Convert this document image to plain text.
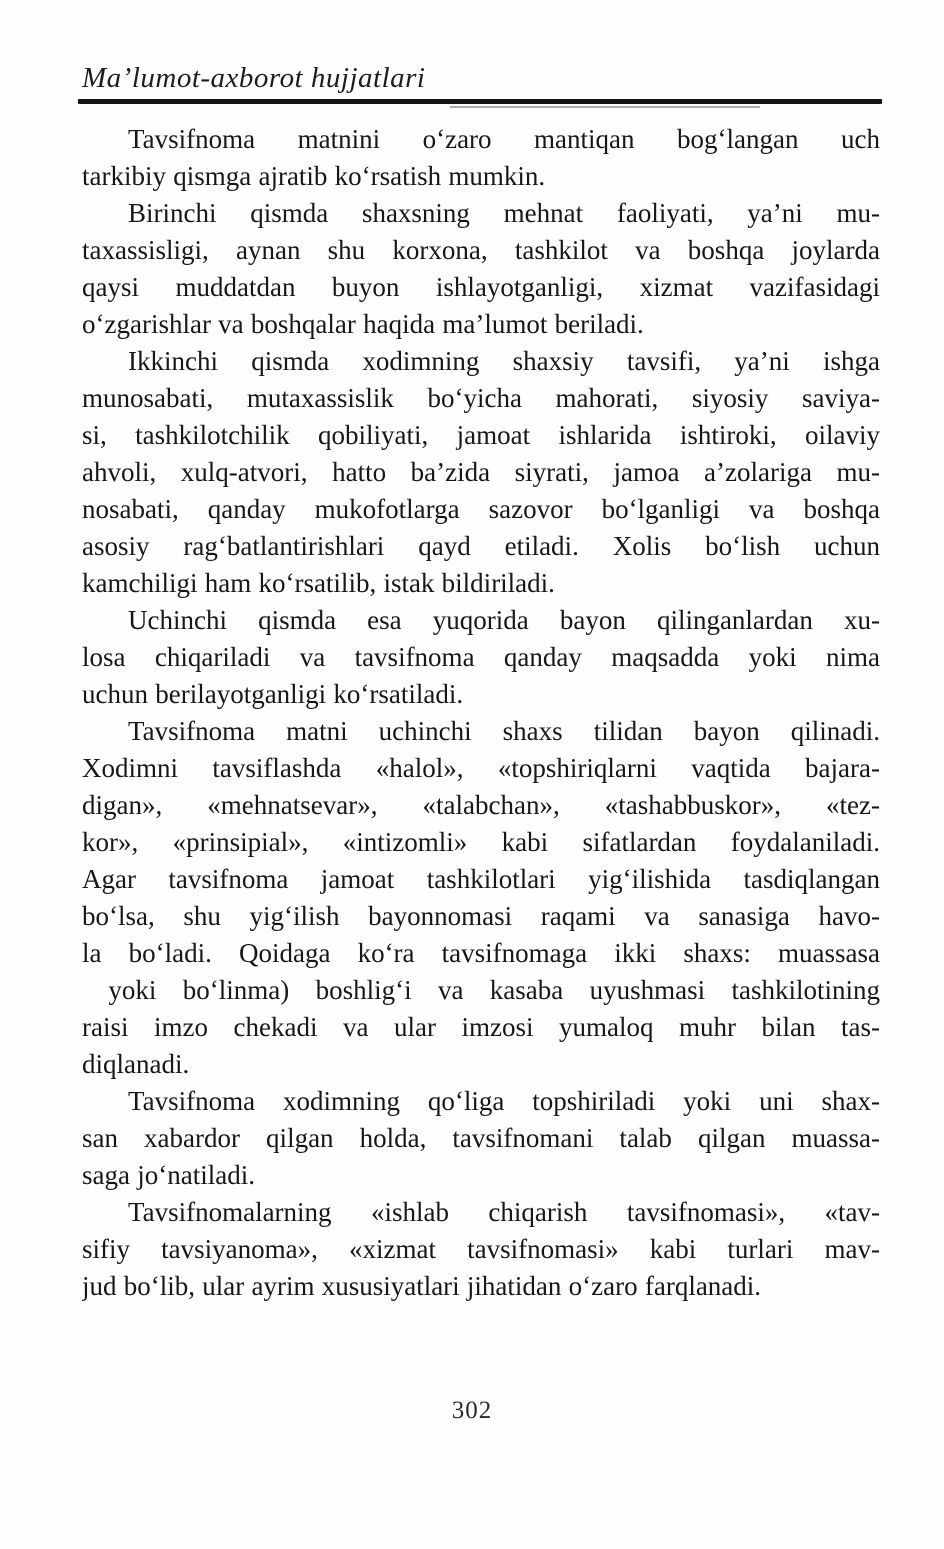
Ma’lumot-axborot hujjatlari
Tavsifnoma matnini o‘zaro mantiqan bog‘langan uch
tarkibiy qismga ajratib ko‘rsatish mumkin.
Birinchi qismda shaxsning mehnat faoliyati, ya’ni mu-
taxassisligi, aynan shu korxona, tashkilot va boshqa joylarda
qaysi muddatdan buyon ishlayotganligi, xizmat vazifasidagi
o‘zgarishlar va boshqalar haqida ma’lumot beriladi.
Ikkinchi qismda xodimning shaxsiy tavsifi, ya’ni ishga
munosabati, mutaxassislik bo‘yicha mahorati, siyosiy saviya-
si, tashkilotchilik qobiliyati, jamoat ishlarida ishtiroki, oilaviy
ahvoli, xulq-atvori, hatto ba’zida siyrati, jamoa a’zolariga mu-
nosabati, qanday mukofotlarga sazovor bo‘lganligi va boshqa
asosiy rag‘batlantirishlari qayd etiladi. Xolis bo‘lish uchun
kamchiligi ham ko‘rsatilib, istak bildiriladi.
Uchinchi qismda esa yuqorida bayon qilinganlardan xu-
losa chiqariladi va tavsifnoma qanday maqsadda yoki nima
uchun berilayotganligi ko‘rsatiladi.
Tavsifnoma matni uchinchi shaxs tilidan bayon qilinadi.
Xodimni tavsiflashda «halol», «topshiriqlarni vaqtida bajara-
digan», «mehnatsevar», «talabchan», «tashabbuskor», «tez-
kor», «prinsipial», «intizomli» kabi sifatlardan foydalaniladi.
Agar tavsifnoma jamoat tashkilotlari yig‘ilishida tasdiqlangan
bo‘lsa, shu yig‘ilish bayonnomasi raqami va sanasiga havo-
la bo‘ladi. Qoidaga ko‘ra tavsifnomaga ikki shaxs: muassasa
yoki bo‘linma) boshlig‘i va kasaba uyushmasi tashkilotining
raisi imzo chekadi va ular imzosi yumaloq muhr bilan tas-
diqlanadi.
Tavsifnoma xodimning qo‘liga topshiriladi yoki uni shax-
san xabardor qilgan holda, tavsifnomani talab qilgan muassa-
saga jo‘natiladi.
Tavsifnomalarning «ishlab chiqarish tavsifnomasi», «tav-
sifiy tavsiyanoma», «xizmat tavsifnomasi» kabi turlari mav-
jud bo‘lib, ular ayrim xususiyatlari jihatidan o‘zaro farqlanadi.
302
